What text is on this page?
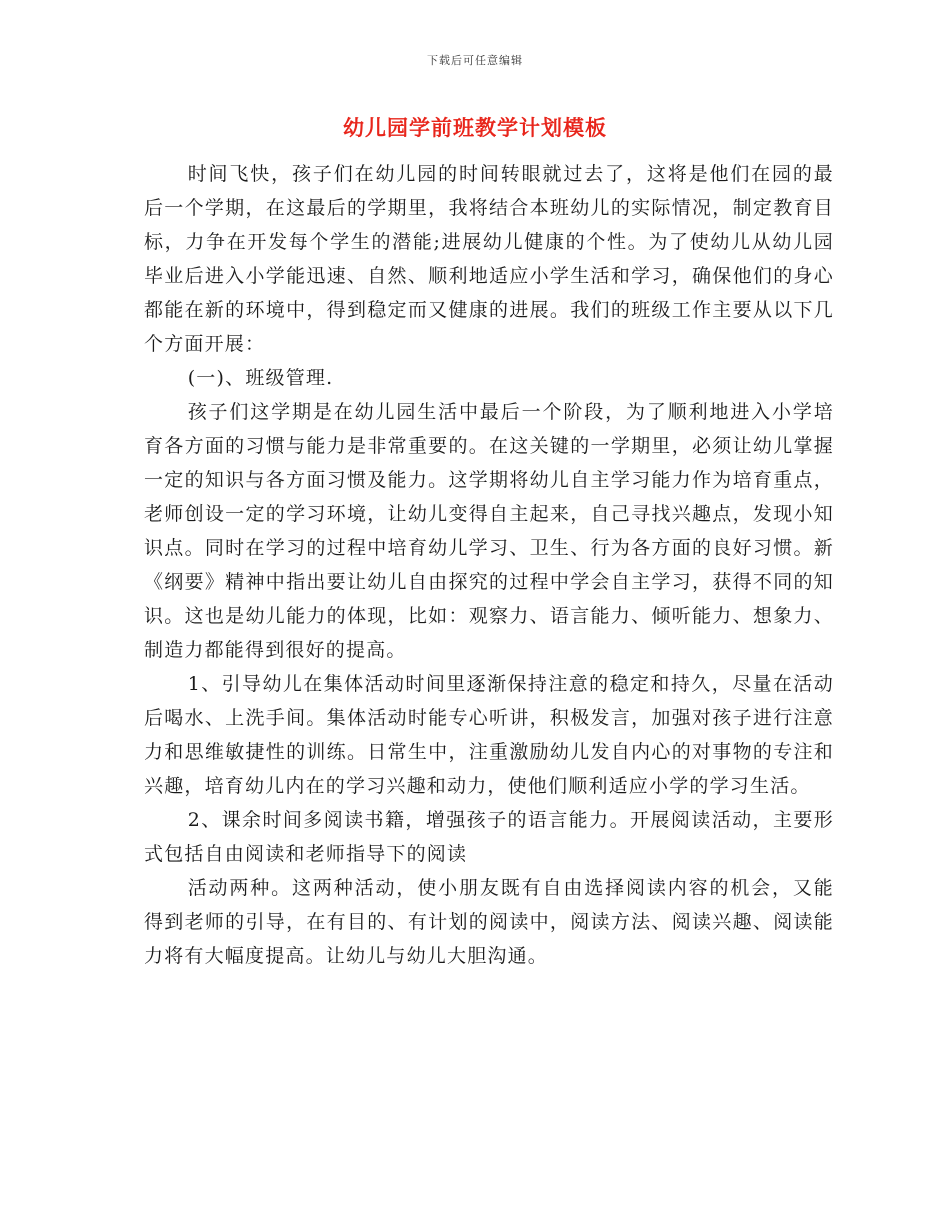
下载后可任意编辑
幼儿园学前班教学计划模板

时间飞快，孩子们在幼儿园的时间转眼就过去了，这将是他们在园的最后一个学期，在这最后的学期里，我将结合本班幼儿的实际情况，制定教育目标，力争在开发每个学生的潜能;进展幼儿健康的个性。为了使幼儿从幼儿园毕业后进入小学能迅速、自然、顺利地适应小学生活和学习，确保他们的身心都能在新的环境中，得到稳定而又健康的进展。我们的班级工作主要从以下几个方面开展：

(一)、班级管理.

孩子们这学期是在幼儿园生活中最后一个阶段，为了顺利地进入小学培育各方面的习惯与能力是非常重要的。在这关键的一学期里，必须让幼儿掌握一定的知识与各方面习惯及能力。这学期将幼儿自主学习能力作为培育重点，老师创设一定的学习环境，让幼儿变得自主起来，自己寻找兴趣点，发现小知识点。同时在学习的过程中培育幼儿学习、卫生、行为各方面的良好习惯。新《纲要》精神中指出要让幼儿自由探究的过程中学会自主学习，获得不同的知识。这也是幼儿能力的体现，比如：观察力、语言能力、倾听能力、想象力、制造力都能得到很好的提高。

1、引导幼儿在集体活动时间里逐渐保持注意的稳定和持久，尽量在活动后喝水、上洗手间。集体活动时能专心听讲，积极发言，加强对孩子进行注意力和思维敏捷性的训练。日常生中，注重激励幼儿发自内心的对事物的专注和兴趣，培育幼儿内在的学习兴趣和动力，使他们顺利适应小学的学习生活。

2、课余时间多阅读书籍，增强孩子的语言能力。开展阅读活动，主要形式包括自由阅读和老师指导下的阅读

活动两种。这两种活动，使小朋友既有自由选择阅读内容的机会，又能得到老师的引导，在有目的、有计划的阅读中，阅读方法、阅读兴趣、阅读能力将有大幅度提高。让幼儿与幼儿大胆沟通。
